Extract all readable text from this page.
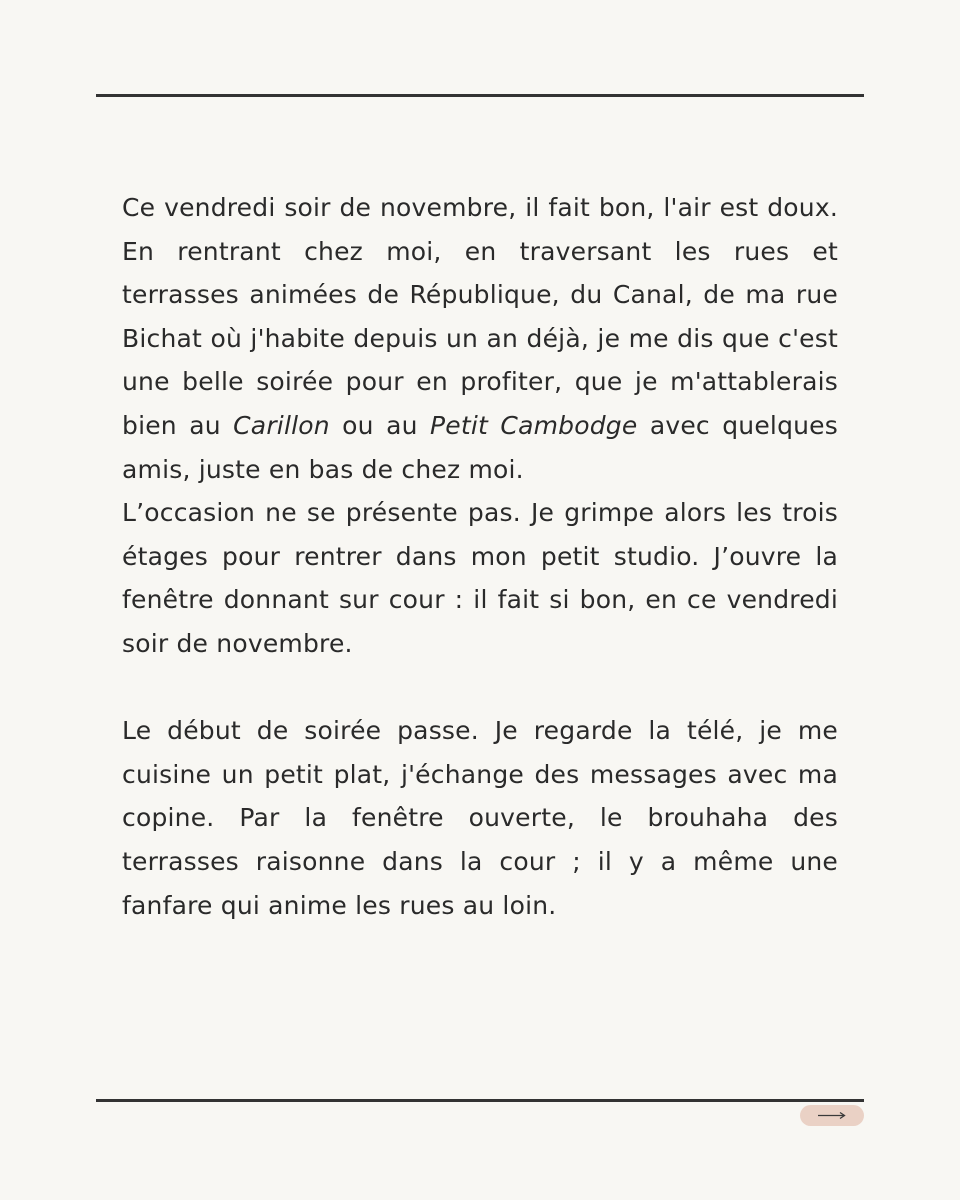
Ce vendredi soir de novembre, il fait bon, l'air est doux. En rentrant chez moi, en traversant les rues et terrasses animées de République, du Canal, de ma rue Bichat où j'habite depuis un an déjà, je me dis que c'est une belle soirée pour en profiter, que je m'attablerais bien au Carillon ou au Petit Cambodge avec quelques amis, juste en bas de chez moi.

L’occasion ne se présente pas. Je grimpe alors les trois étages pour rentrer dans mon petit studio. J’ouvre la fenêtre donnant sur cour : il fait si bon, en ce vendredi soir de novembre.

Le début de soirée passe. Je regarde la télé, je me cuisine un petit plat, j'échange des messages avec ma copine. Par la fenêtre ouverte, le brouhaha des terrasses raisonne dans la cour ; il y a même une fanfare qui anime les rues au loin.
